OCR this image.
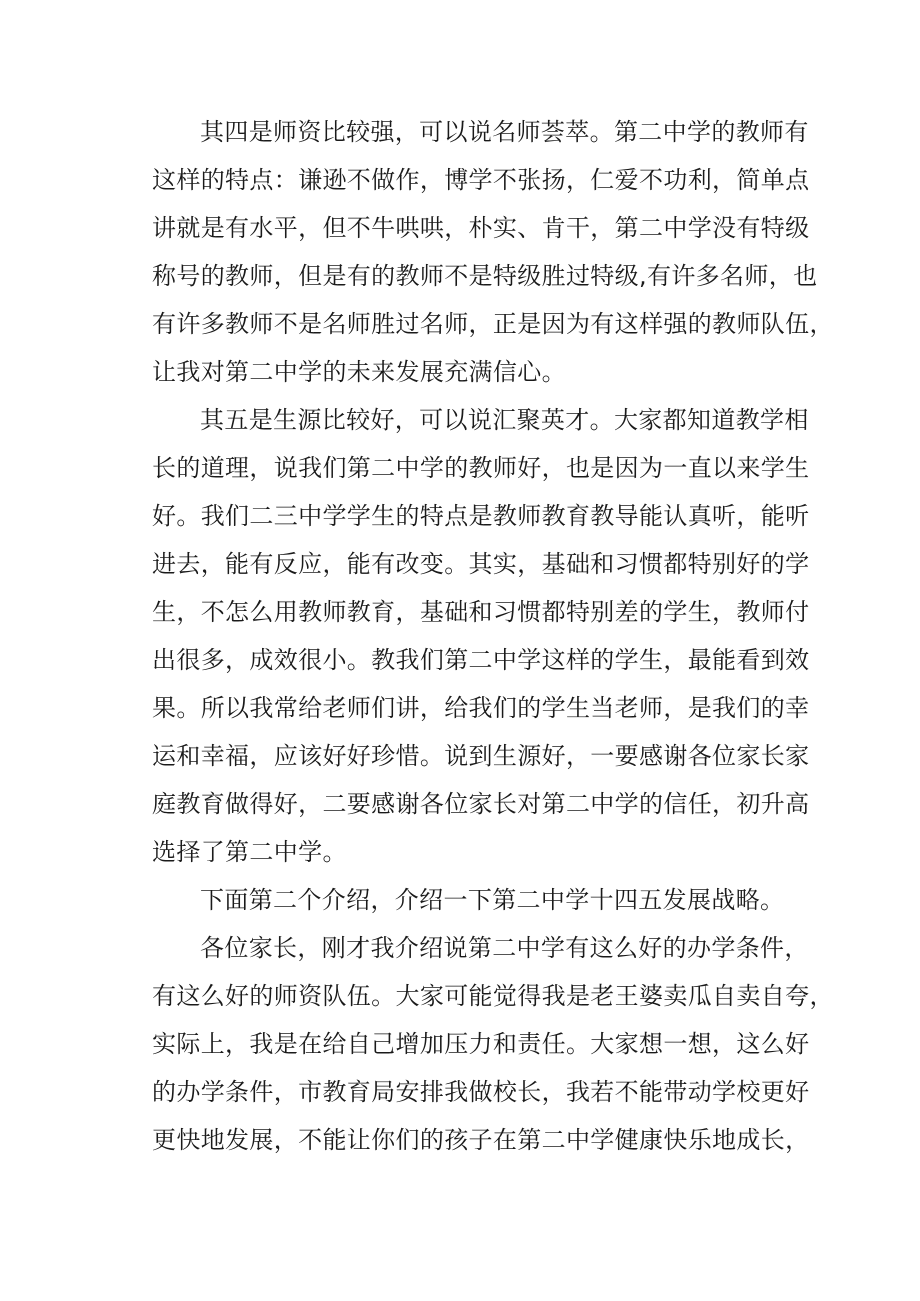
其四是师资比较强，可以说名师荟萃。第二中学的教师有
这样的特点：谦逊不做作，博学不张扬，仁爱不功利，简单点
讲就是有水平，但不牛哄哄，朴实、肯干，第二中学没有特级
称号的教师，但是有的教师不是特级胜过特级,有许多名师，也
有许多教师不是名师胜过名师，正是因为有这样强的教师队伍，
让我对第二中学的未来发展充满信心。
其五是生源比较好，可以说汇聚英才。大家都知道教学相
长的道理，说我们第二中学的教师好，也是因为一直以来学生
好。我们二三中学学生的特点是教师教育教导能认真听，能听
进去，能有反应，能有改变。其实，基础和习惯都特别好的学
生，不怎么用教师教育，基础和习惯都特别差的学生，教师付
出很多，成效很小。教我们第二中学这样的学生，最能看到效
果。所以我常给老师们讲，给我们的学生当老师，是我们的幸
运和幸福，应该好好珍惜。说到生源好，一要感谢各位家长家
庭教育做得好，二要感谢各位家长对第二中学的信任，初升高
选择了第二中学。
下面第二个介绍，介绍一下第二中学十四五发展战略。
各位家长，刚才我介绍说第二中学有这么好的办学条件，
有这么好的师资队伍。大家可能觉得我是老王婆卖瓜自卖自夸，
实际上，我是在给自己增加压力和责任。大家想一想，这么好
的办学条件，市教育局安排我做校长，我若不能带动学校更好
更快地发展，不能让你们的孩子在第二中学健康快乐地成长，
